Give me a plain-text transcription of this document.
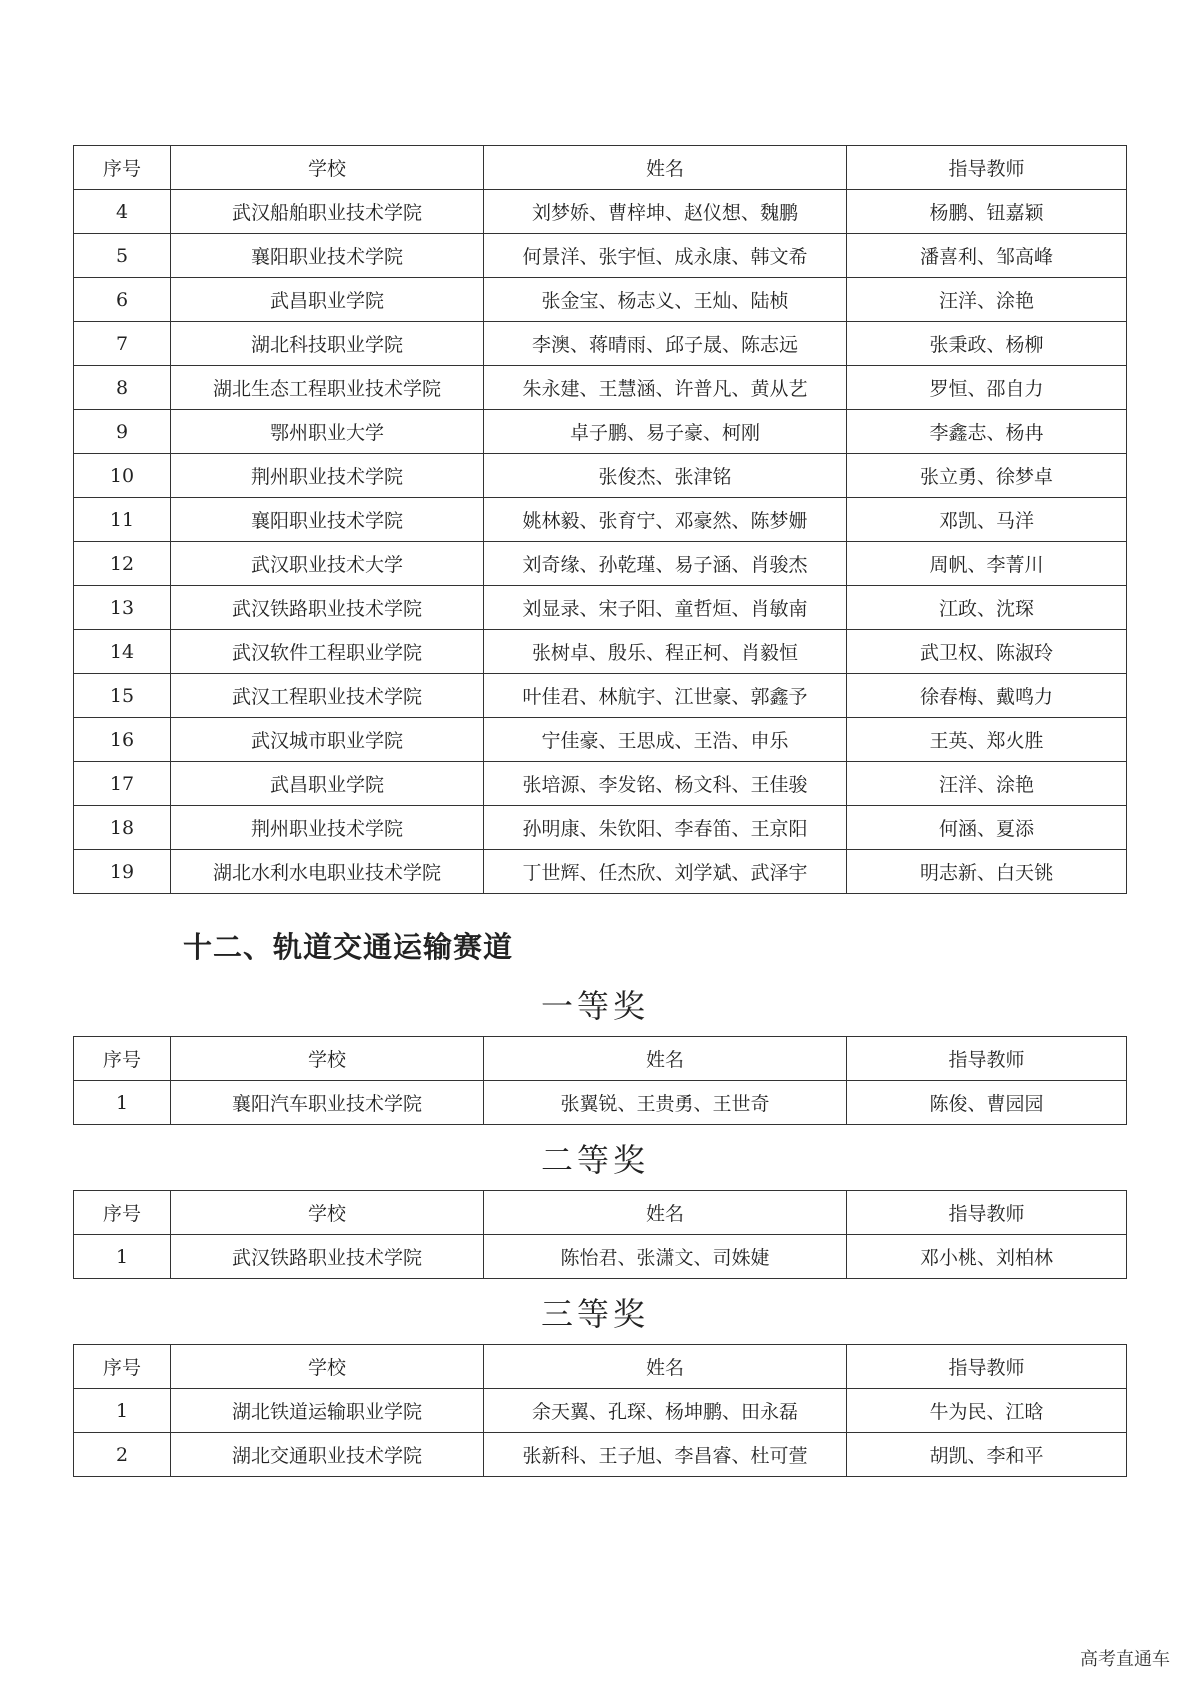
序号	学校	姓名	指导教师
4	武汉船舶职业技术学院	刘梦娇、曹梓坤、赵仪想、魏鹏	杨鹏、钮嘉颖
5	襄阳职业技术学院	何景洋、张宇恒、成永康、韩文希	潘喜利、邹高峰
6	武昌职业学院	张金宝、杨志义、王灿、陆桢	汪洋、涂艳
7	湖北科技职业学院	李澳、蒋晴雨、邱子晟、陈志远	张秉政、杨柳
8	湖北生态工程职业技术学院	朱永建、王慧涵、许普凡、黄从艺	罗恒、邵自力
9	鄂州职业大学	卓子鹏、易子豪、柯刚	李鑫志、杨冉
10	荆州职业技术学院	张俊杰、张津铭	张立勇、徐梦卓
11	襄阳职业技术学院	姚林毅、张育宁、邓豪然、陈梦姗	邓凯、马洋
12	武汉职业技术大学	刘奇缘、孙乾瑾、易子涵、肖骏杰	周帆、李菁川
13	武汉铁路职业技术学院	刘显录、宋子阳、童哲烜、肖敏南	江政、沈琛
14	武汉软件工程职业学院	张树卓、殷乐、程正柯、肖毅恒	武卫权、陈淑玲
15	武汉工程职业技术学院	叶佳君、林航宇、江世豪、郭鑫予	徐春梅、戴鸣力
16	武汉城市职业学院	宁佳豪、王思成、王浩、申乐	王英、郑火胜
17	武昌职业学院	张培源、李发铭、杨文科、王佳骏	汪洋、涂艳
18	荆州职业技术学院	孙明康、朱钦阳、李春笛、王京阳	何涵、夏添
19	湖北水利水电职业技术学院	丁世辉、任杰欣、刘学斌、武泽宇	明志新、白天铫
十二、轨道交通运输赛道
一等奖
序号	学校	姓名	指导教师
1	襄阳汽车职业技术学院	张翼锐、王贵勇、王世奇	陈俊、曹园园
二等奖
序号	学校	姓名	指导教师
1	武汉铁路职业技术学院	陈怡君、张潇文、司姝婕	邓小桃、刘柏林
三等奖
序号	学校	姓名	指导教师
1	湖北铁道运输职业学院	余天翼、孔琛、杨坤鹏、田永磊	牛为民、江晗
2	湖北交通职业技术学院	张新科、王子旭、李昌睿、杜可萱	胡凯、李和平
高考直通车
